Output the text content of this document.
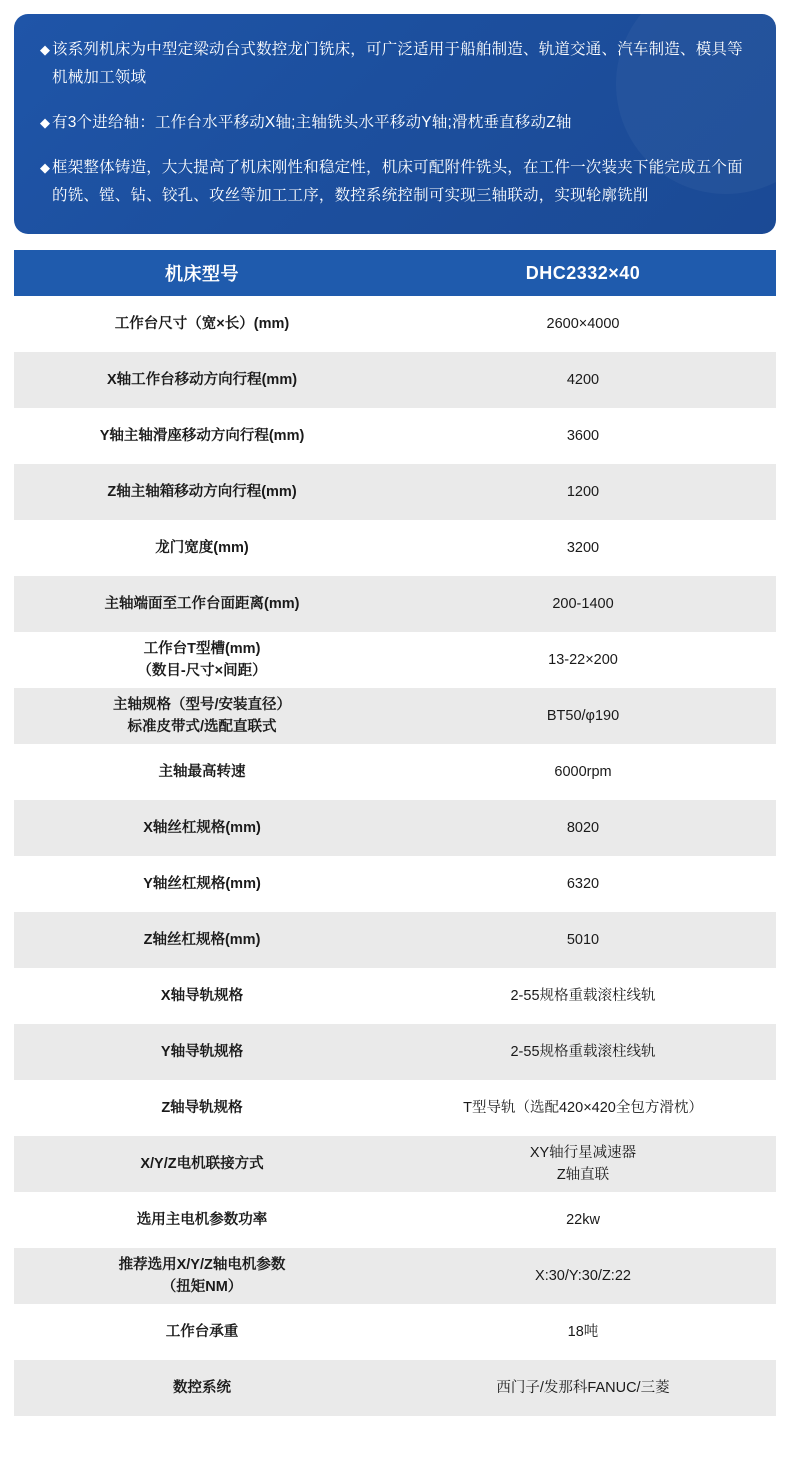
◆ 该系列机床为中型定梁动台式数控龙门铣床，可广泛适用于船舶制造、轨道交通、汽车制造、模具等机械加工领域
◆ 有3个进给轴：工作台水平移动X轴;主轴铣头水平移动Y轴;滑枕垂直移动Z轴
◆ 框架整体铸造，大大提高了机床刚性和稳定性，机床可配附件铣头，在工件一次装夹下能完成五个面的铣、镗、钻、铰孔、攻丝等加工工序，数控系统控制可实现三轴联动，实现轮廓铣削
机床型号	DHC2332×40

工作台尺寸（宽×长）(mm)	2600×4000

X轴工作台移动方向行程(mm)	4200

Y轴主轴滑座移动方向行程(mm)	3600

Z轴主轴箱移动方向行程(mm)	1200

龙门宽度(mm)	3200

主轴端面至工作台面距离(mm)	200-1400

工作台T型槽(mm)
（数目-尺寸×间距）	13-22×200

主轴规格（型号/安装直径）
标准皮带式/选配直联式	BT50/φ190

主轴最高转速	6000rpm

X轴丝杠规格(mm)	8020

Y轴丝杠规格(mm)	6320

Z轴丝杠规格(mm)	5010

X轴导轨规格	2-55规格重载滚柱线轨

Y轴导轨规格	2-55规格重载滚柱线轨

Z轴导轨规格	T型导轨（选配420×420全包方滑枕）

X/Y/Z电机联接方式	XY轴行星减速器
Z轴直联

选用主电机参数功率	22kw

推荐选用X/Y/Z轴电机参数
（扭矩NM）	X:30/Y:30/Z:22

工作台承重	18吨

数控系统	西门子/发那科FANUC/三菱
